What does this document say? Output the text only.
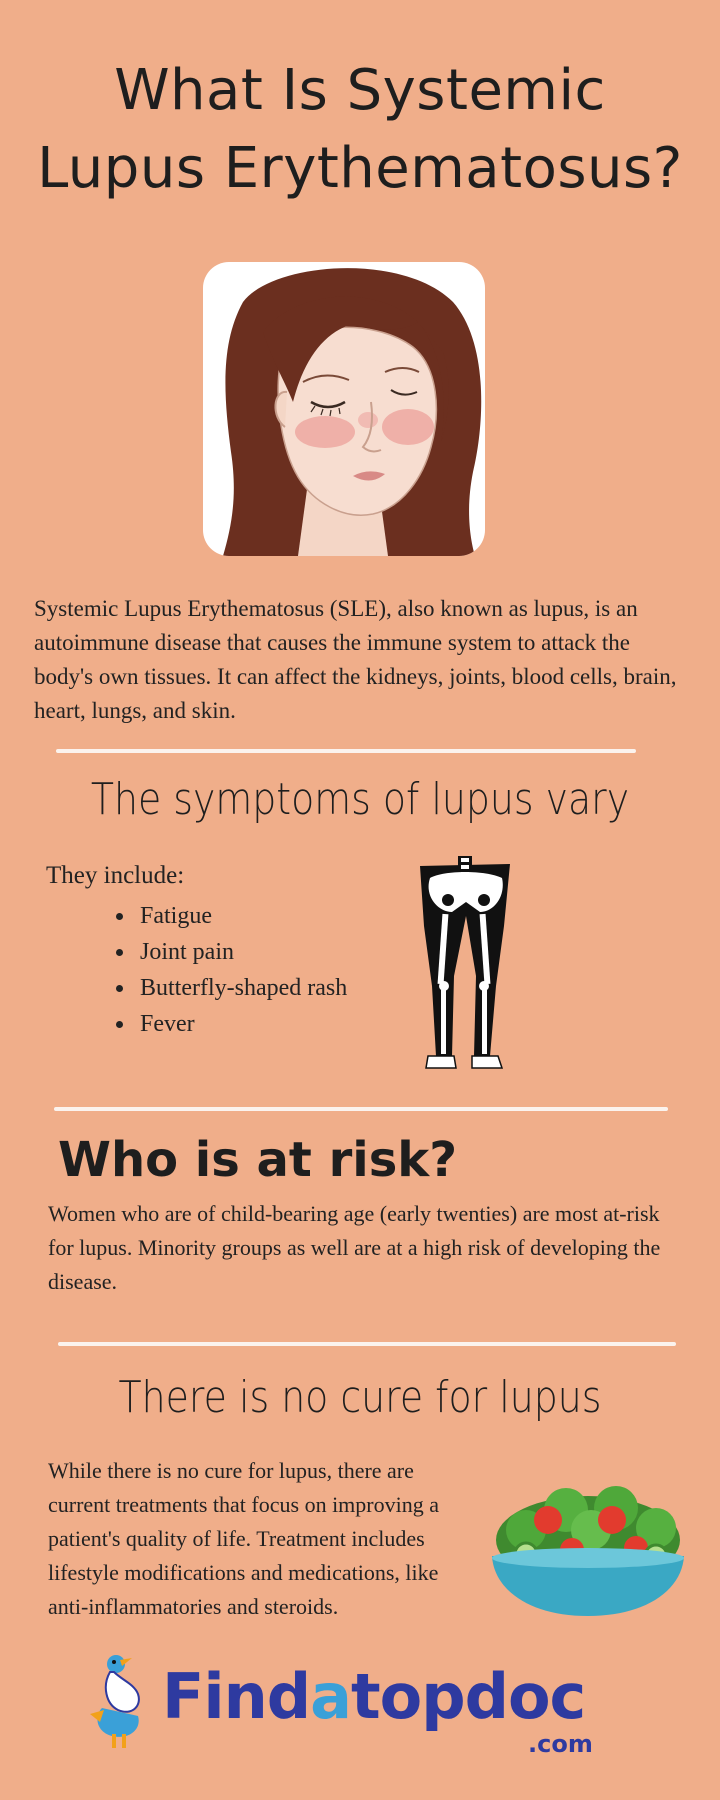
What Is Systemic
Lupus Erythematosus?
Systemic Lupus Erythematosus (SLE), also known as lupus, is an autoimmune disease that causes the immune system to attack the body's own tissues. It can affect the kidneys, joints, blood cells, brain, heart, lungs, and skin.
The symptoms of lupus vary
They include:
• Fatigue
• Joint pain
• Butterfly-shaped rash
• Fever
Who is at risk?
Women who are of child-bearing age (early twenties) are most at-risk for lupus. Minority groups as well are at a high risk of developing the disease.
There is no cure for lupus
While there is no cure for lupus, there are current treatments that focus on improving a patient's quality of life. Treatment includes lifestyle modifications and medications, like anti-inflammatories and steroids.
Findatopdoc
.com
